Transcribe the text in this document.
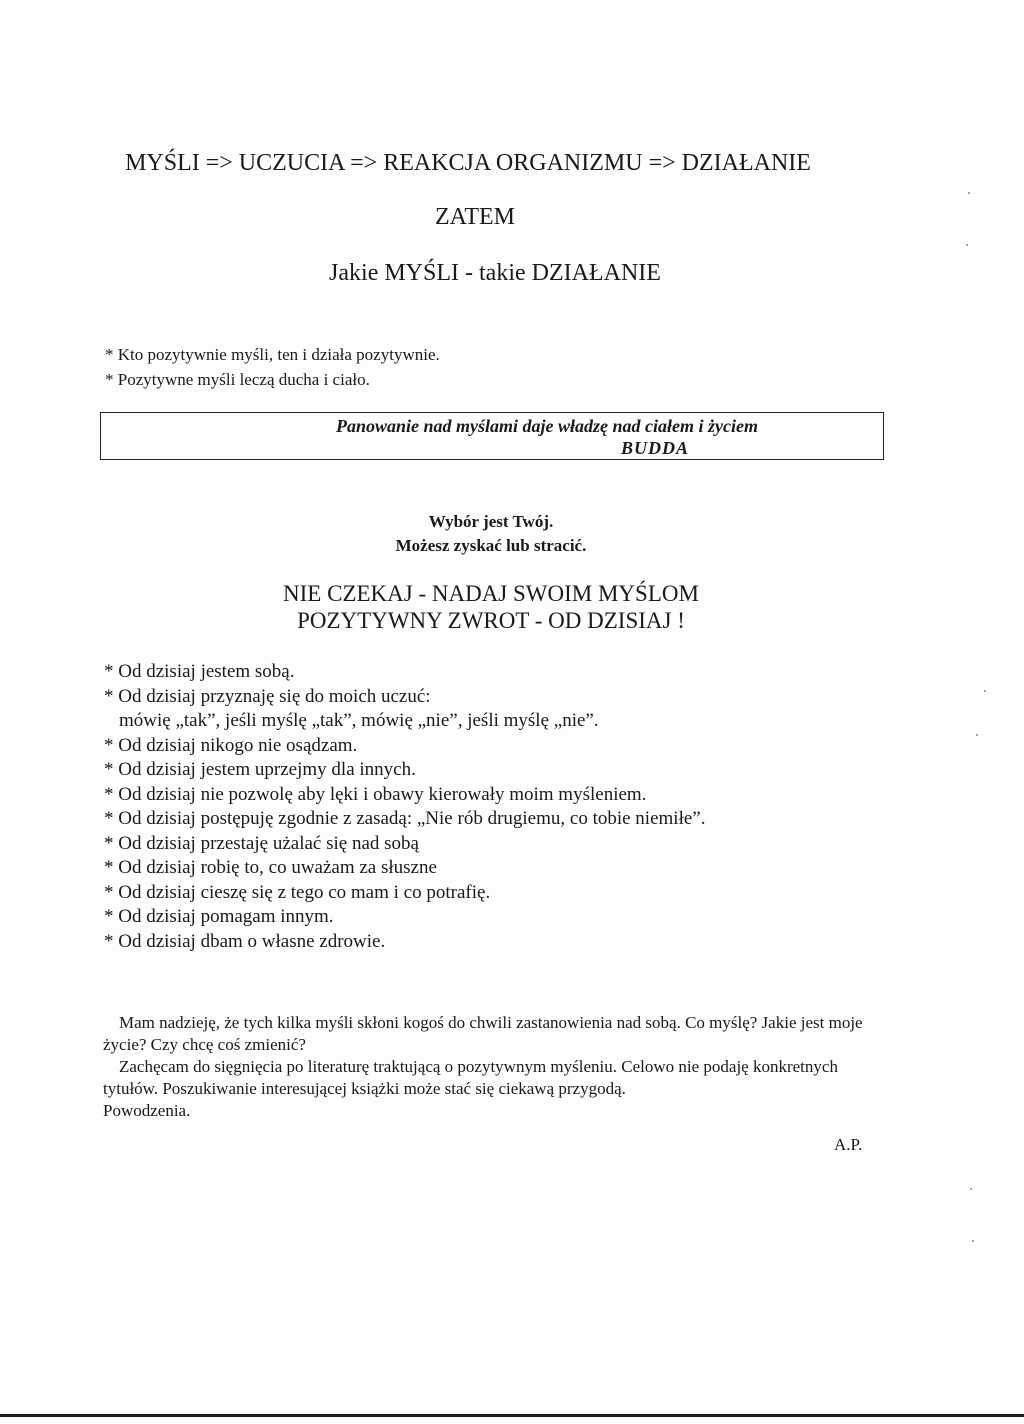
MYŚLI => UCZUCIA => REAKCJA ORGANIZMU => DZIAŁANIE
ZATEM
Jakie MYŚLI - takie DZIAŁANIE
* Kto pozytywnie myśli, ten i działa pozytywnie.
* Pozytywne myśli leczą ducha i ciało.
Panowanie nad myślami daje władzę nad ciałem i życiem
BUDDA
Wybór jest Twój.
Możesz zyskać lub stracić.
NIE CZEKAJ - NADAJ SWOIM MYŚLOM
POZYTYWNY ZWROT - OD DZISIAJ !
* Od dzisiaj jestem sobą.
* Od dzisiaj przyznaję się do moich uczuć:
mówię „tak”, jeśli myślę „tak”, mówię „nie”, jeśli myślę „nie”.
* Od dzisiaj nikogo nie osądzam.
* Od dzisiaj jestem uprzejmy dla innych.
* Od dzisiaj nie pozwolę aby lęki i obawy kierowały moim myśleniem.
* Od dzisiaj postępuję zgodnie z zasadą: „Nie rób drugiemu, co tobie niemiłe”.
* Od dzisiaj przestaję użalać się nad sobą
* Od dzisiaj robię to, co uważam za słuszne
* Od dzisiaj cieszę się z tego co mam i co potrafię.
* Od dzisiaj pomagam innym.
* Od dzisiaj dbam o własne zdrowie.

Mam nadzieję, że tych kilka myśli skłoni kogoś do chwili zastanowienia nad sobą. Co myślę? Jakie jest moje życie? Czy chcę coś zmienić?

Zachęcam do sięgnięcia po literaturę traktującą o pozytywnym myśleniu. Celowo nie podaję konkretnych tytułów. Poszukiwanie interesującej książki może stać się ciekawą przygodą.

Powodzenia.

A.P.
